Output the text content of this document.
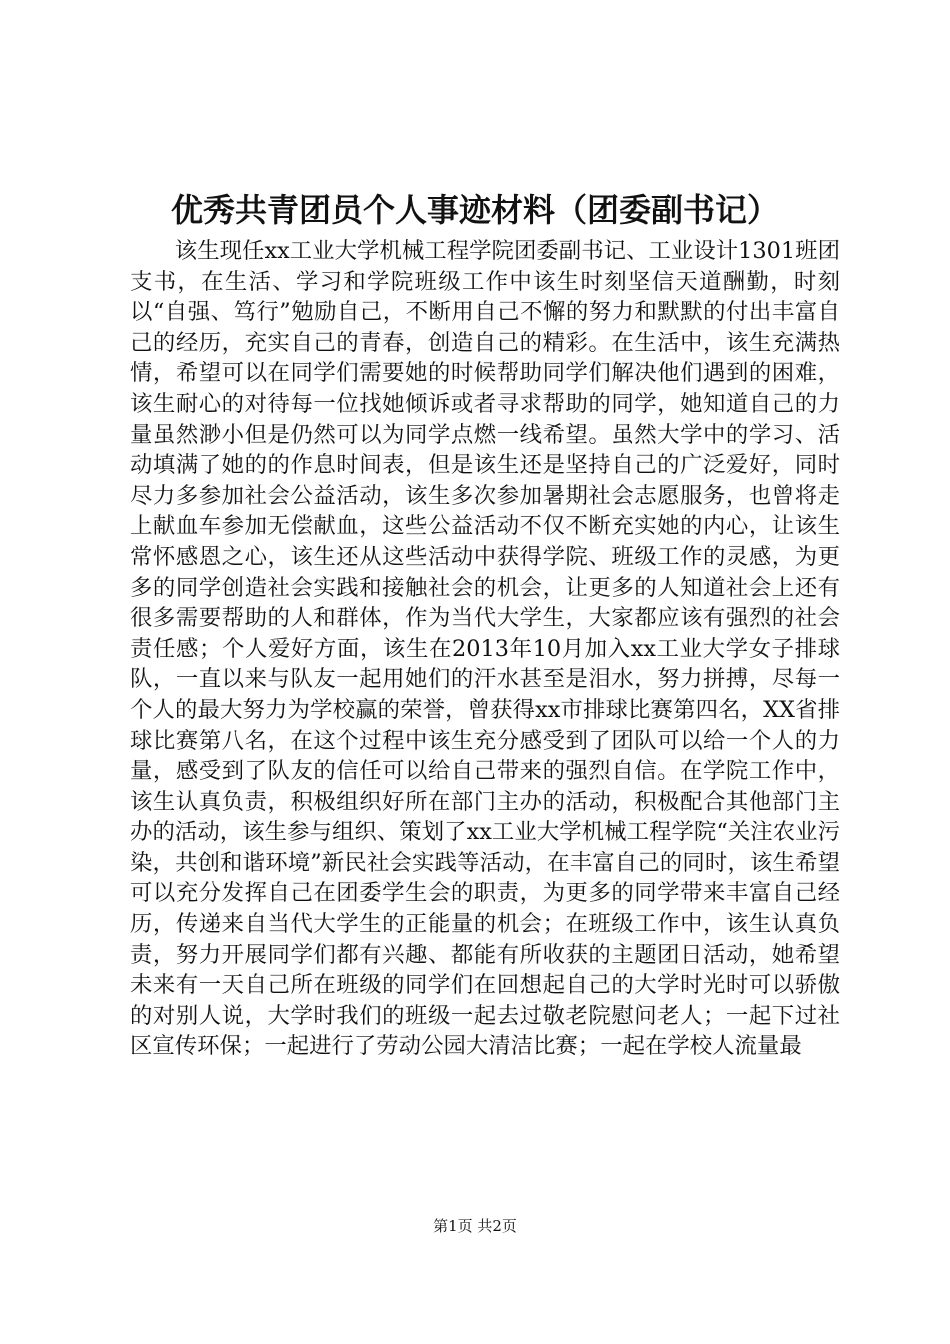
优秀共青团员个人事迹材料（团委副书记）

该生现任xx工业大学机械工程学院团委副书记、工业设计1301班团支书，在生活、学习和学院班级工作中该生时刻坚信天道酬勤，时刻以“自强、笃行”勉励自己，不断用自己不懈的努力和默默的付出丰富自己的经历，充实自己的青春，创造自己的精彩。在生活中，该生充满热情，希望可以在同学们需要她的时候帮助同学们解决他们遇到的困难，该生耐心的对待每一位找她倾诉或者寻求帮助的同学，她知道自己的力量虽然渺小但是仍然可以为同学点燃一线希望。虽然大学中的学习、活动填满了她的的作息时间表，但是该生还是坚持自己的广泛爱好，同时尽力多参加社会公益活动，该生多次参加暑期社会志愿服务，也曾将走上献血车参加无偿献血，这些公益活动不仅不断充实她的内心，让该生常怀感恩之心，该生还从这些活动中获得学院、班级工作的灵感，为更多的同学创造社会实践和接触社会的机会，让更多的人知道社会上还有很多需要帮助的人和群体，作为当代大学生，大家都应该有强烈的社会责任感；个人爱好方面，该生在2013年10月加入xx工业大学女子排球队，一直以来与队友一起用她们的汗水甚至是泪水，努力拼搏，尽每一个人的最大努力为学校赢的荣誉，曾获得xx市排球比赛第四名，XX省排球比赛第八名，在这个过程中该生充分感受到了团队可以给一个人的力量，感受到了队友的信任可以给自己带来的强烈自信。在学院工作中，该生认真负责，积极组织好所在部门主办的活动，积极配合其他部门主办的活动，该生参与组织、策划了xx工业大学机械工程学院“关注农业污染，共创和谐环境”新民社会实践等活动，在丰富自己的同时，该生希望可以充分发挥自己在团委学生会的职责，为更多的同学带来丰富自己经历，传递来自当代大学生的正能量的机会；在班级工作中，该生认真负责，努力开展同学们都有兴趣、都能有所收获的主题团日活动，她希望未来有一天自己所在班级的同学们在回想起自己的大学时光时可以骄傲的对别人说，大学时我们的班级一起去过敬老院慰问老人；一起下过社区宣传环保；一起进行了劳动公园大清洁比赛；一起在学校人流量最

第1页 共2页
